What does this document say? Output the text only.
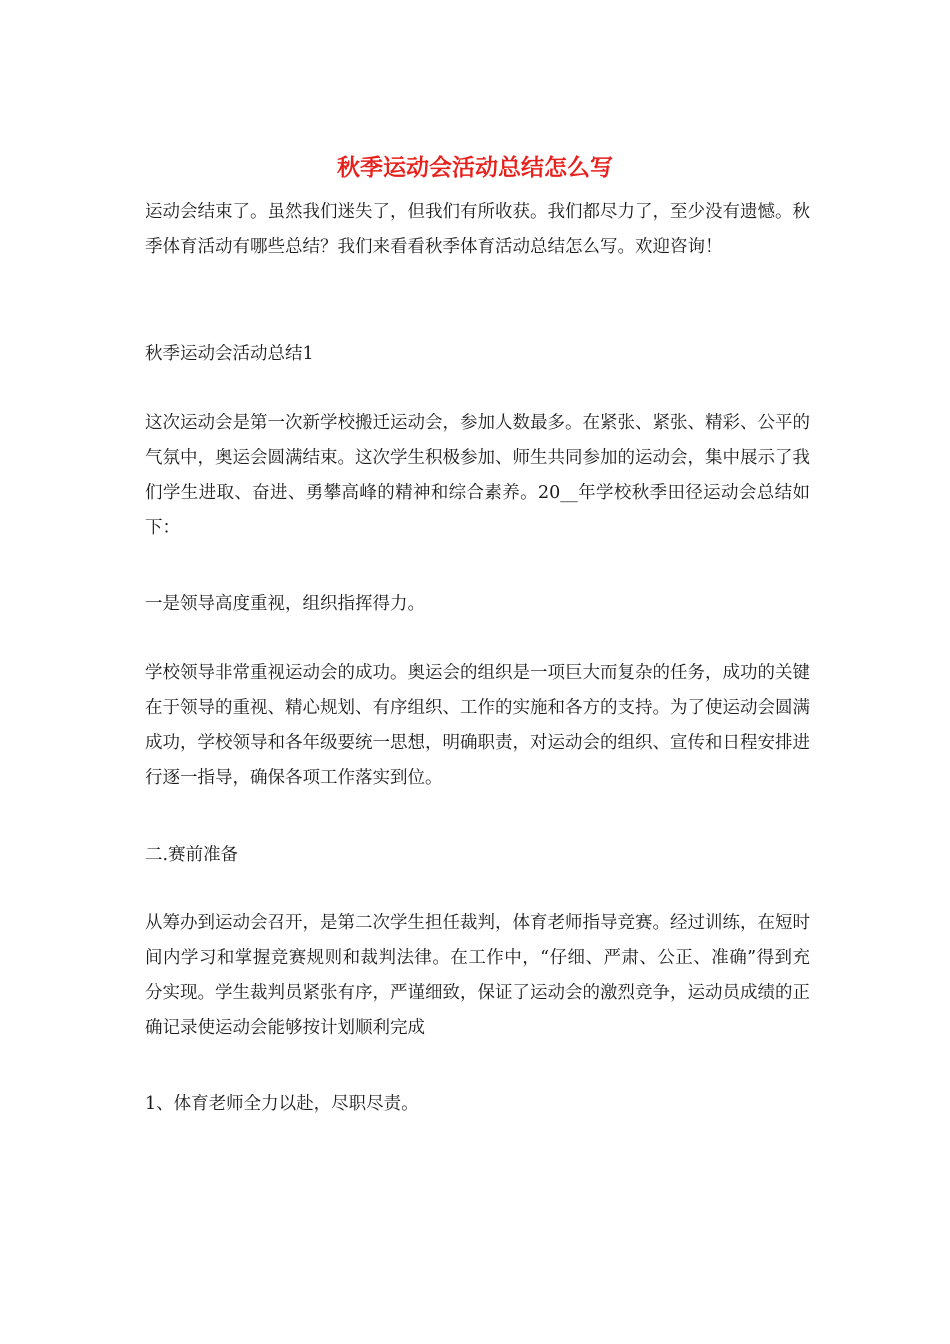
秋季运动会活动总结怎么写

运动会结束了。虽然我们迷失了，但我们有所收获。我们都尽力了，至少没有遗憾。秋季体育活动有哪些总结？我们来看看秋季体育活动总结怎么写。欢迎咨询！

秋季运动会活动总结1

这次运动会是第一次新学校搬迁运动会，参加人数最多。在紧张、紧张、精彩、公平的气氛中，奥运会圆满结束。这次学生积极参加、师生共同参加的运动会，集中展示了我们学生进取、奋进、勇攀高峰的精神和综合素养。20__年学校秋季田径运动会总结如下：

一是领导高度重视，组织指挥得力。

学校领导非常重视运动会的成功。奥运会的组织是一项巨大而复杂的任务，成功的关键在于领导的重视、精心规划、有序组织、工作的实施和各方的支持。为了使运动会圆满成功，学校领导和各年级要统一思想，明确职责，对运动会的组织、宣传和日程安排进行逐一指导，确保各项工作落实到位。

二.赛前准备

从筹办到运动会召开，是第二次学生担任裁判，体育老师指导竞赛。经过训练，在短时间内学习和掌握竞赛规则和裁判法律。在工作中，“仔细、严肃、公正、准确”得到充分实现。学生裁判员紧张有序，严谨细致，保证了运动会的激烈竞争，运动员成绩的正确记录使运动会能够按计划顺利完成

1、体育老师全力以赴，尽职尽责。
